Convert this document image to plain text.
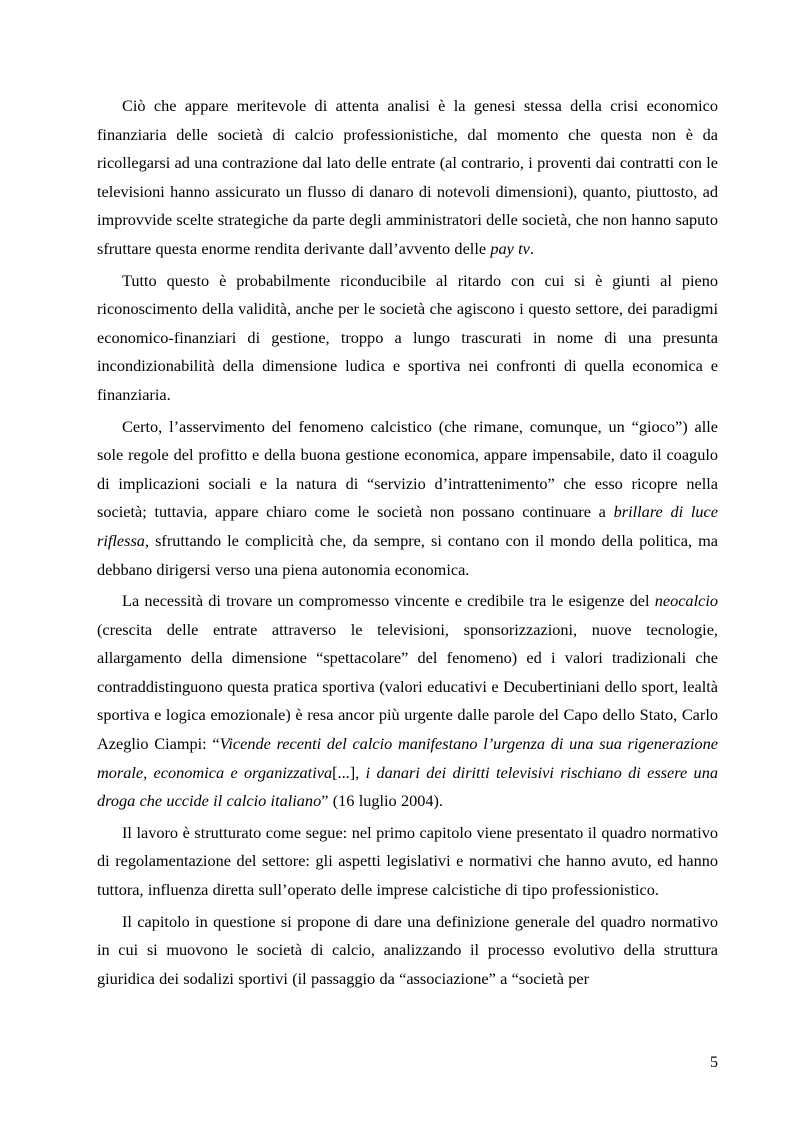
Ciò che appare meritevole di attenta analisi è la genesi stessa della crisi economico finanziaria delle società di calcio professionistiche, dal momento che questa non è da ricollegarsi ad una contrazione dal lato delle entrate (al contrario, i proventi dai contratti con le televisioni hanno assicurato un flusso di danaro di notevoli dimensioni), quanto, piuttosto, ad improvvide scelte strategiche da parte degli amministratori delle società, che non hanno saputo sfruttare questa enorme rendita derivante dall’avvento delle pay tv.

Tutto questo è probabilmente riconducibile al ritardo con cui si è giunti al pieno riconoscimento della validità, anche per le società che agiscono i questo settore, dei paradigmi economico-finanziari di gestione, troppo a lungo trascurati in nome di una presunta incondizionabilità della dimensione ludica e sportiva nei confronti di quella economica e finanziaria.

Certo, l’asservimento del fenomeno calcistico (che rimane, comunque, un “gioco”) alle sole regole del profitto e della buona gestione economica, appare impensabile, dato il coagulo di implicazioni sociali e la natura di “servizio d’intrattenimento” che esso ricopre nella società; tuttavia, appare chiaro come le società non possano continuare a brillare di luce riflessa, sfruttando le complicità che, da sempre, si contano con il mondo della politica, ma debbano dirigersi verso una piena autonomia economica.

La necessità di trovare un compromesso vincente e credibile tra le esigenze del neocalcio (crescita delle entrate attraverso le televisioni, sponsorizzazioni, nuove tecnologie, allargamento della dimensione “spettacolare” del fenomeno) ed i valori tradizionali che contraddistinguono questa pratica sportiva (valori educativi e Decubertiniani dello sport, lealtà sportiva e logica emozionale) è resa ancor più urgente dalle parole del Capo dello Stato, Carlo Azeglio Ciampi: “Vicende recenti del calcio manifestano l’urgenza di una sua rigenerazione morale, economica e organizzativa[...], i danari dei diritti televisivi rischiano di essere una droga che uccide il calcio italiano” (16 luglio 2004).

Il lavoro è strutturato come segue: nel primo capitolo viene presentato il quadro normativo di regolamentazione del settore: gli aspetti legislativi e normativi che hanno avuto, ed hanno tuttora, influenza diretta sull’operato delle imprese calcistiche di tipo professionistico.

Il capitolo in questione si propone di dare una definizione generale del quadro normativo in cui si muovono le società di calcio, analizzando il processo evolutivo della struttura giuridica dei sodalizi sportivi (il passaggio da “associazione” a “società per

5
